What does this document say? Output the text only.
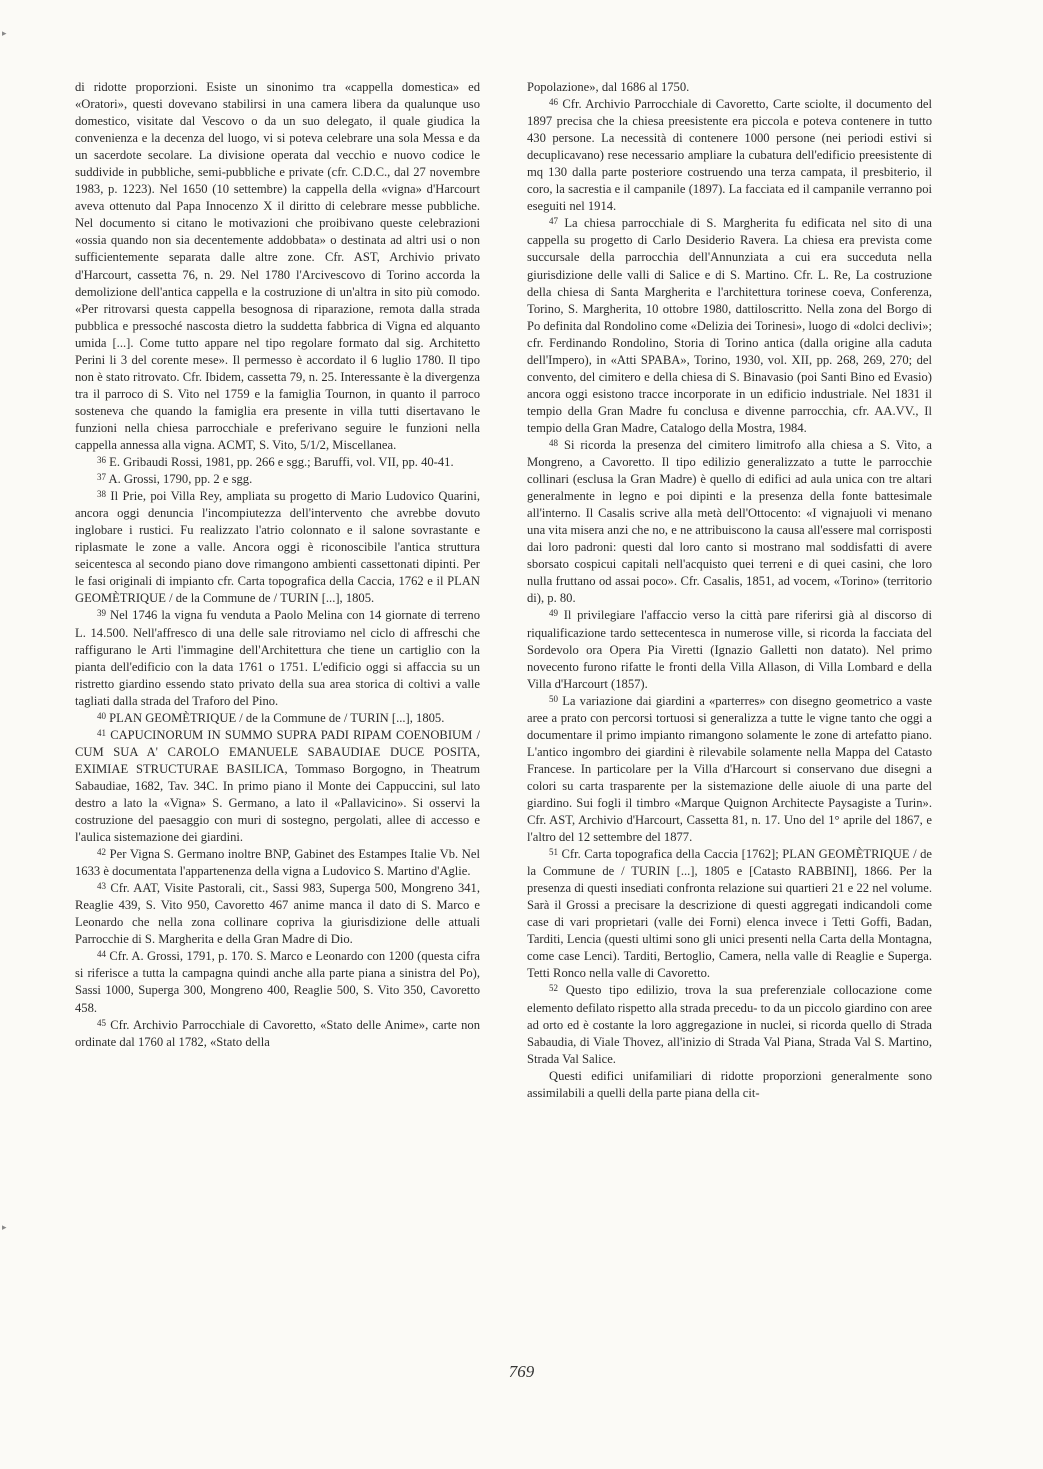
▸
▸

di ridotte proporzioni. Esiste un sinonimo tra «cappella domestica» ed «Oratori», questi dovevano stabilirsi in una camera libera da qualunque uso domestico, visitate dal Vescovo o da un suo delegato, il quale giudica la convenienza e la decenza del luogo, vi si poteva celebrare una sola Messa e da un sacerdote secolare. La divisione operata dal vecchio e nuovo codice le suddivide in pubbliche, semi-pubbliche e private (cfr. C.D.C., dal 27 novembre 1983, p. 1223). Nel 1650 (10 settembre) la cappella della «vigna» d'Harcourt aveva ottenuto dal Papa Innocenzo X il diritto di celebrare messe pubbliche. Nel documento si citano le motivazioni che proibivano queste celebrazioni «ossia quando non sia decentemente addobbata» o destinata ad altri usi o non sufficientemente separata dalle altre zone. Cfr. AST, Archivio privato d'Harcourt, cassetta 76, n. 29. Nel 1780 l'Arcivescovo di Torino accorda la demolizione dell'antica cappella e la costruzione di un'altra in sito più comodo. «Per ritrovarsi questa cappella besognosa di riparazione, remota dalla strada pubblica e pressoché nascosta dietro la suddetta fabbrica di Vigna ed alquanto umida [...]. Come tutto appare nel tipo regolare formato dal sig. Architetto Perini li 3 del corente mese». Il permesso è accordato il 6 luglio 1780. Il tipo non è stato ritrovato. Cfr. Ibidem, cassetta 79, n. 25. Interessante è la divergenza tra il parroco di S. Vito nel 1759 e la famiglia Tournon, in quanto il parroco sosteneva che quando la famiglia era presente in villa tutti disertavano le funzioni nella chiesa parrocchiale e preferivano seguire le funzioni nella cappella annessa alla vigna. ACMT, S. Vito, 5/1/2, Miscellanea.

$^{36}$ E. Gribaudi Rossi, 1981, pp. 266 e sgg.; Baruffi, vol. VII, pp. 40-41.

$^{37}$ A. Grossi, 1790, pp. 2 e sgg.

$^{38}$ Il Prie, poi Villa Rey, ampliata su progetto di Mario Ludovico Quarini, ancora oggi denuncia l'incompiutezza dell'intervento che avrebbe dovuto inglobare i rustici. Fu realizzato l'atrio colonnato e il salone sovrastante e riplasmate le zone a valle. Ancora oggi è riconoscibile l'antica struttura seicentesca al secondo piano dove rimangono ambienti cassettonati dipinti. Per le fasi originali di impianto cfr. Carta topografica della Caccia, 1762 e il PLAN GEOMÈTRIQUE / de la Commune de / TURIN [...], 1805.

$^{39}$ Nel 1746 la vigna fu venduta a Paolo Melina con 14 giornate di terreno L. 14.500. Nell'affresco di una delle sale ritroviamo nel ciclo di affreschi che raffigurano le Arti l'immagine dell'Architettura che tiene un cartiglio con la pianta dell'edificio con la data 1761 o 1751. L'edificio oggi si affaccia su un ristretto giardino essendo stato privato della sua area storica di coltivi a valle tagliati dalla strada del Traforo del Pino.

$^{40}$ PLAN GEOMÈTRIQUE / de la Commune de / TURIN [...], 1805.

$^{41}$ CAPUCINORUM IN SUMMO SUPRA PADI RIPAM COENOBIUM / CUM SUA A' CAROLO EMANUELE SABAUDIAE DUCE POSITA, EXIMIAE STRUCTURAE BASILICA, Tommaso Borgogno, in Theatrum Sabaudiae, 1682, Tav. 34C. In primo piano il Monte dei Cappuccini, sul lato destro a lato la «Vigna» S. Germano, a lato il «Pallavicino». Si osservi la costruzione del paesaggio con muri di sostegno, pergolati, allee di accesso e l'aulica sistemazione dei giardini.

$^{42}$ Per Vigna S. Germano inoltre BNP, Gabinet des Estampes Italie Vb. Nel 1633 è documentata l'appartenenza della vigna a Ludovico S. Martino d'Aglie.

$^{43}$ Cfr. AAT, Visite Pastorali, cit., Sassi 983, Superga 500, Mongreno 341, Reaglie 439, S. Vito 950, Cavoretto 467 anime manca il dato di S. Marco e Leonardo che nella zona collinare copriva la giurisdizione delle attuali Parrocchie di S. Margherita e della Gran Madre di Dio.

$^{44}$ Cfr. A. Grossi, 1791, p. 170. S. Marco e Leonardo con 1200 (questa cifra si riferisce a tutta la campagna quindi anche alla parte piana a sinistra del Po), Sassi 1000, Superga 300, Mongreno 400, Reaglie 500, S. Vito 350, Cavoretto 458.

$^{45}$ Cfr. Archivio Parrocchiale di Cavoretto, «Stato delle Anime», carte non ordinate dal 1760 al 1782, «Stato della

Popolazione», dal 1686 al 1750.

$^{46}$ Cfr. Archivio Parrocchiale di Cavoretto, Carte sciolte, il documento del 1897 precisa che la chiesa preesistente era piccola e poteva contenere in tutto 430 persone. La necessità di contenere 1000 persone (nei periodi estivi si decuplicavano) rese necessario ampliare la cubatura dell'edificio preesistente di mq 130 dalla parte posteriore costruendo una terza campata, il presbiterio, il coro, la sacrestia e il campanile (1897). La facciata ed il campanile verranno poi eseguiti nel 1914.

$^{47}$ La chiesa parrocchiale di S. Margherita fu edificata nel sito di una cappella su progetto di Carlo Desiderio Ravera. La chiesa era prevista come succursale della parrocchia dell'Annunziata a cui era succeduta nella giurisdizione delle valli di Salice e di S. Martino. Cfr. L. Re, La costruzione della chiesa di Santa Margherita e l'architettura torinese coeva, Conferenza, Torino, S. Margherita, 10 ottobre 1980, dattiloscritto. Nella zona del Borgo di Po definita dal Rondolino come «Delizia dei Torinesi», luogo di «dolci declivi»; cfr. Ferdinando Rondolino, Storia di Torino antica (dalla origine alla caduta dell'Impero), in «Atti SPABA», Torino, 1930, vol. XII, pp. 268, 269, 270; del convento, del cimitero e della chiesa di S. Binavasio (poi Santi Bino ed Evasio) ancora oggi esistono tracce incorporate in un edificio industriale. Nel 1831 il tempio della Gran Madre fu conclusa e divenne parrocchia, cfr. AA.VV., Il tempio della Gran Madre, Catalogo della Mostra, 1984.

$^{48}$ Si ricorda la presenza del cimitero limitrofo alla chiesa a S. Vito, a Mongreno, a Cavoretto. Il tipo edilizio generalizzato a tutte le parrocchie collinari (esclusa la Gran Madre) è quello di edifici ad aula unica con tre altari generalmente in legno e poi dipinti e la presenza della fonte battesimale all'interno. Il Casalis scrive alla metà dell'Ottocento: «I vignajuoli vi menano una vita misera anzi che no, e ne attribuiscono la causa all'essere mal corrisposti dai loro padroni: questi dal loro canto si mostrano mal soddisfatti di avere sborsato cospicui capitali nell'acquisto quei terreni e di quei casini, che loro nulla fruttano od assai poco». Cfr. Casalis, 1851, ad vocem, «Torino» (territorio di), p. 80.

$^{49}$ Il privilegiare l'affaccio verso la città pare riferirsi già al discorso di riqualificazione tardo settecentesca in numerose ville, si ricorda la facciata del Sordevolo ora Opera Pia Viretti (Ignazio Galletti non datato). Nel primo novecento furono rifatte le fronti della Villa Allason, di Villa Lombard e della Villa d'Harcourt (1857).

$^{50}$ La variazione dai giardini a «parterres» con disegno geometrico a vaste aree a prato con percorsi tortuosi si generalizza a tutte le vigne tanto che oggi a documentare il primo impianto rimangono solamente le zone di artefatto piano. L'antico ingombro dei giardini è rilevabile solamente nella Mappa del Catasto Francese. In particolare per la Villa d'Harcourt si conservano due disegni a colori su carta trasparente per la sistemazione delle aiuole di una parte del giardino. Sui fogli il timbro «Marque Quignon Architecte Paysagiste a Turin». Cfr. AST, Archivio d'Harcourt, Cassetta 81, n. 17. Uno del 1° aprile del 1867, e l'altro del 12 settembre del 1877.

$^{51}$ Cfr. Carta topografica della Caccia [1762]; PLAN GEOMÈTRIQUE / de la Commune de / TURIN [...], 1805 e [Catasto RABBINI], 1866. Per la presenza di questi insediati confronta relazione sui quartieri 21 e 22 nel volume. Sarà il Grossi a precisare la descrizione di questi aggregati indicandoli come case di vari proprietari (valle dei Forni) elenca invece i Tetti Goffi, Badan, Tarditi, Lencia (questi ultimi sono gli unici presenti nella Carta della Montagna, come case Lenci). Tarditi, Bertoglio, Camera, nella valle di Reaglie e Superga. Tetti Ronco nella valle di Cavoretto.

$^{52}$ Questo tipo edilizio, trova la sua preferenziale collocazione come elemento defilato rispetto alla strada precedu- to da un piccolo giardino con aree ad orto ed è costante la loro aggregazione in nuclei, si ricorda quello di Strada Sabaudia, di Viale Thovez, all'inizio di Strada Val Piana, Strada Val S. Martino, Strada Val Salice.

Questi edifici unifamiliari di ridotte proporzioni generalmente sono assimilabili a quelli della parte piana della cit-

769
